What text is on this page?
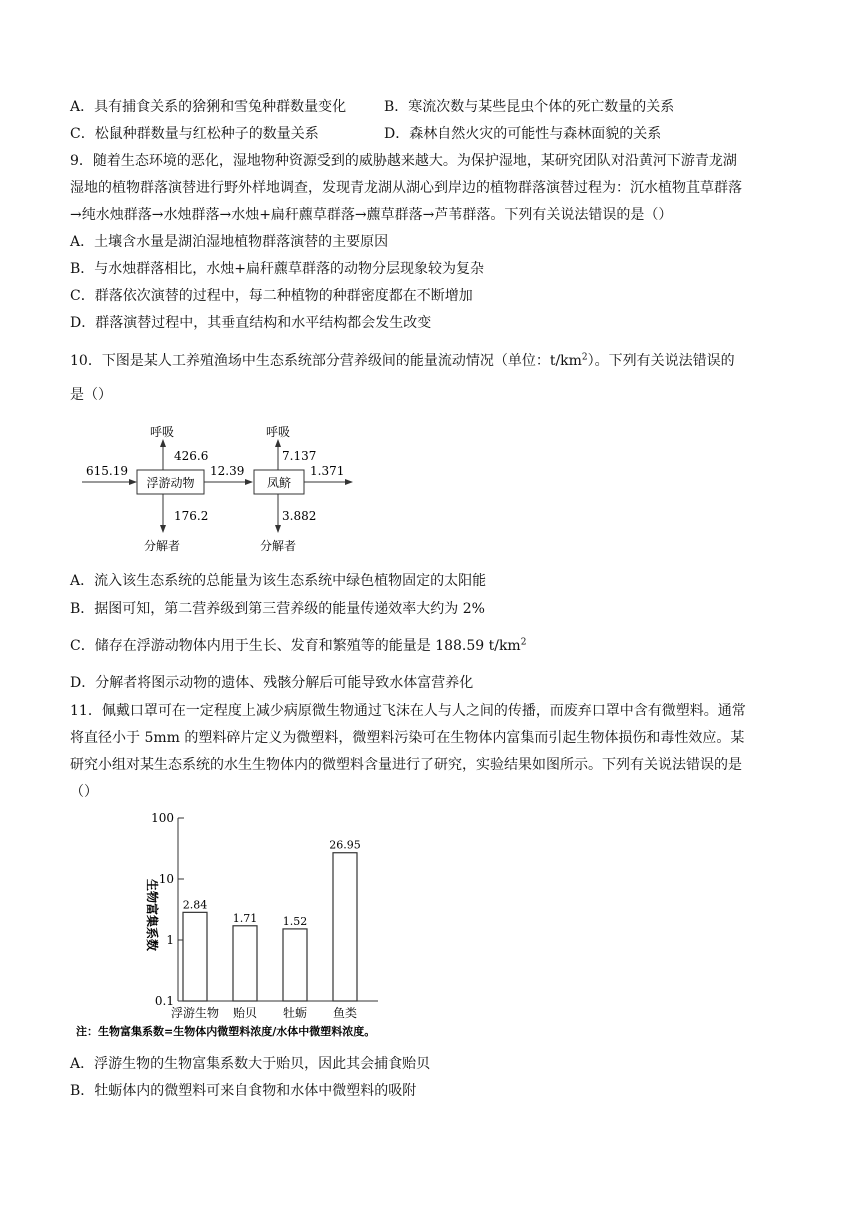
A．具有捕食关系的猞猁和雪兔种群数量变化	B．寒流次数与某些昆虫个体的死亡数量的关系
C．松鼠种群数量与红松种子的数量关系	D．森林自然火灾的可能性与森林面貌的关系
9．随着生态环境的恶化，湿地物种资源受到的威胁越来越大。为保护湿地，某研究团队对沿黄河下游青龙湖
湿地的植物群落演替进行野外样地调查，发现青龙湖从湖心到岸边的植物群落演替过程为：沉水植物苴草群落
→纯水烛群落→水烛群落→水烛+扁秆藨草群落→藨草群落→芦苇群落。下列有关说法错误的是（）
A．土壤含水量是湖泊湿地植物群落演替的主要原因
B．与水烛群落相比，水烛+扁秆藨草群落的动物分层现象较为复杂
C．群落依次演替的过程中，每二种植物的种群密度都在不断增加
D．群落演替过程中，其垂直结构和水平结构都会发生改变
10．下图是某人工养殖渔场中生态系统部分营养级间的能量流动情况（单位：$t/km^2$）。下列有关说法错误的
是（）
615.19
浮游动物
呼吸
426.6
176.2
分解者
12.39
凤鲚
呼吸
7.137
3.882
分解者
1.371
A．流入该生态系统的总能量为该生态系统中绿色植物固定的太阳能
B．据图可知，第二营养级到第三营养级的能量传递效率大约为 2%
C．储存在浮游动物体内用于生长、发育和繁殖等的能量是 188.59 $t/km^2$
D．分解者将图示动物的遗体、残骸分解后可能导致水体富营养化
11．佩戴口罩可在一定程度上减少病原微生物通过飞沫在人与人之间的传播，而废弃口罩中含有微塑料。通常
将直径小于 5mm 的塑料碎片定义为微塑料，微塑料污染可在生物体内富集而引起生物体损伤和毒性效应。某
研究小组对某生态系统的水生生物体内的微塑料含量进行了研究，实验结果如图所示。下列有关说法错误的是
（）
0.1
1
10
100
2.84
浮游生物
1.71
贻贝
1.52
牡蛎
26.95
鱼类
生物富集系数
注：生物富集系数=生物体内微塑料浓度/水体中微塑料浓度。
A．浮游生物的生物富集系数大于贻贝，因此其会捕食贻贝
B．牡蛎体内的微塑料可来自食物和水体中微塑料的吸附
